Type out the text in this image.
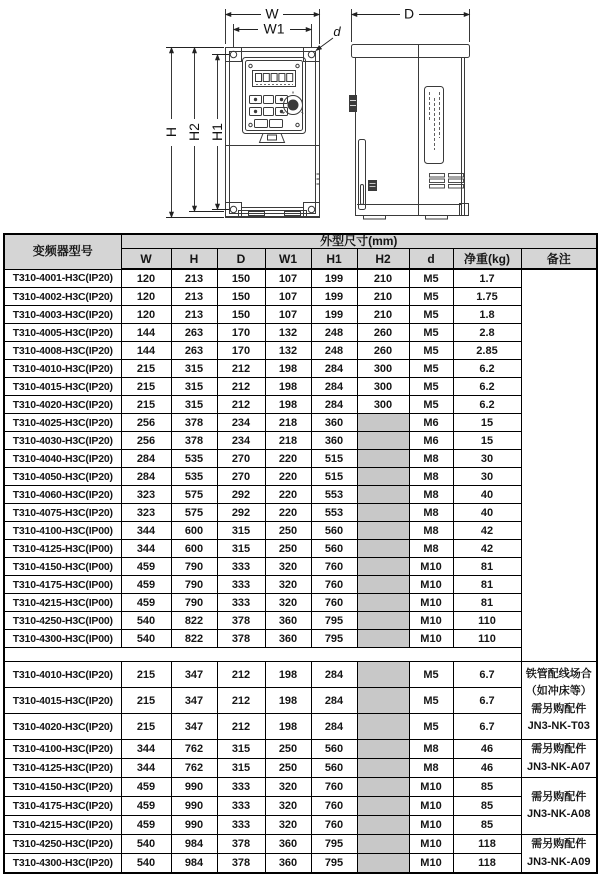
W
W1
D
d
H H2 H1
变频器型号	外型尺寸(mm)								
	W	H	D	W1	H1	H2	d	净重(kg)	备注
T310-4001-H3C(IP20)	120	213	150	107	199	210	M5	1.7	
T310-4002-H3C(IP20)	120	213	150	107	199	210	M5	1.75	
T310-4003-H3C(IP20)	120	213	150	107	199	210	M5	1.8	
T310-4005-H3C(IP20)	144	263	170	132	248	260	M5	2.8	
T310-4008-H3C(IP20)	144	263	170	132	248	260	M5	2.85	
T310-4010-H3C(IP20)	215	315	212	198	284	300	M5	6.2	
T310-4015-H3C(IP20)	215	315	212	198	284	300	M5	6.2	
T310-4020-H3C(IP20)	215	315	212	198	284	300	M5	6.2	
T310-4025-H3C(IP20)	256	378	234	218	360		M6	15	
T310-4030-H3C(IP20)	256	378	234	218	360		M6	15	
T310-4040-H3C(IP20)	284	535	270	220	515		M8	30	
T310-4050-H3C(IP20)	284	535	270	220	515		M8	30	
T310-4060-H3C(IP20)	323	575	292	220	553		M8	40	
T310-4075-H3C(IP20)	323	575	292	220	553		M8	40	
T310-4100-H3C(IP00)	344	600	315	250	560		M8	42	
T310-4125-H3C(IP00)	344	600	315	250	560		M8	42	
T310-4150-H3C(IP00)	459	790	333	320	760		M10	81	
T310-4175-H3C(IP00)	459	790	333	320	760		M10	81	
T310-4215-H3C(IP00)	459	790	333	320	760		M10	81	
T310-4250-H3C(IP00)	540	822	378	360	795		M10	110	
T310-4300-H3C(IP00)	540	822	378	360	795		M10	110	

T310-4010-H3C(IP20)	215	347	212	198	284		M5	6.7	铁管配线场合
（如冲床等）
需另购配件
JN3-NK-T03
T310-4015-H3C(IP20)	215	347	212	198	284		M5	6.7	
T310-4020-H3C(IP20)	215	347	212	198	284		M5	6.7	
T310-4100-H3C(IP20)	344	762	315	250	560		M8	46	需另购配件
JN3-NK-A07
T310-4125-H3C(IP20)	344	762	315	250	560		M8	46	
T310-4150-H3C(IP20)	459	990	333	320	760		M10	85	需另购配件
JN3-NK-A08
T310-4175-H3C(IP20)	459	990	333	320	760		M10	85	
T310-4215-H3C(IP20)	459	990	333	320	760		M10	85	
T310-4250-H3C(IP20)	540	984	378	360	795		M10	118	需另购配件
JN3-NK-A09
T310-4300-H3C(IP20)	540	984	378	360	795		M10	118	
